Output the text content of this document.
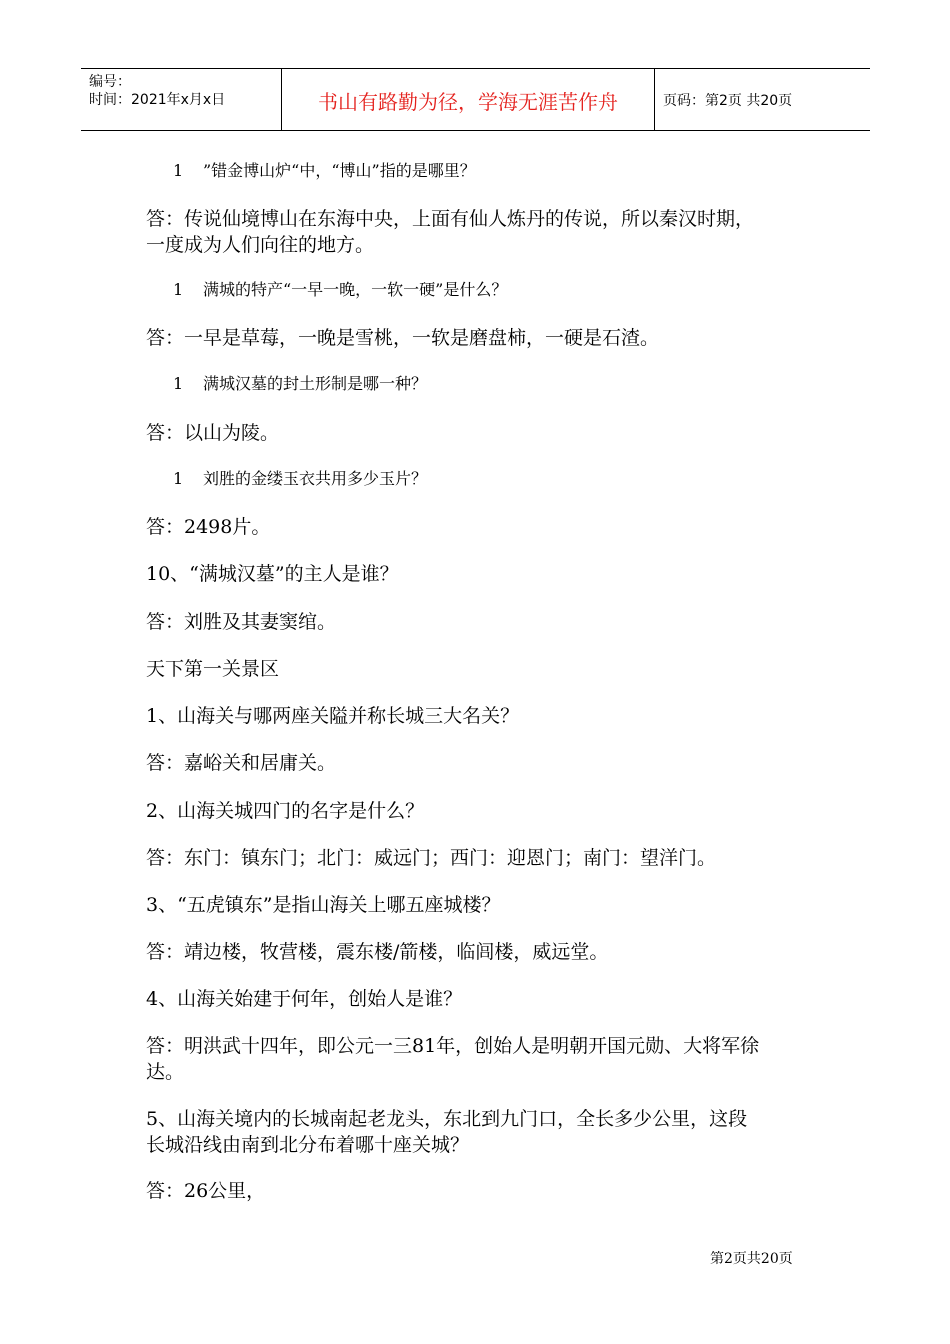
编号：
时间：2021年x月x日	书山有路勤为径，学海无涯苦作舟	页码：第2页 共20页
1 ”错金博山炉“中，“博山”指的是哪里？
答：传说仙境博山在东海中央，上面有仙人炼丹的传说，所以秦汉时期，
一度成为人们向往的地方。
1 满城的特产“一早一晚，一软一硬”是什么？
答：一早是草莓，一晚是雪桃，一软是磨盘柿，一硬是石渣。
1 满城汉墓的封土形制是哪一种？
答：以山为陵。
1 刘胜的金缕玉衣共用多少玉片？
答：2498片。
10、“满城汉墓”的主人是谁？
答：刘胜及其妻窦绾。
天下第一关景区
1、山海关与哪两座关隘并称长城三大名关？
答：嘉峪关和居庸关。
2、山海关城四门的名字是什么？
答：东门：镇东门；北门：威远门；西门：迎恩门；南门：望洋门。
3、“五虎镇东”是指山海关上哪五座城楼？
答：靖边楼，牧营楼，震东楼/箭楼，临闾楼，威远堂。
4、山海关始建于何年，创始人是谁？
答：明洪武十四年，即公元一三81年，创始人是明朝开国元勋、大将军徐
达。
5、山海关境内的长城南起老龙头，东北到九门口，全长多少公里，这段
长城沿线由南到北分布着哪十座关城？
答：26公里，
第2页共20页
